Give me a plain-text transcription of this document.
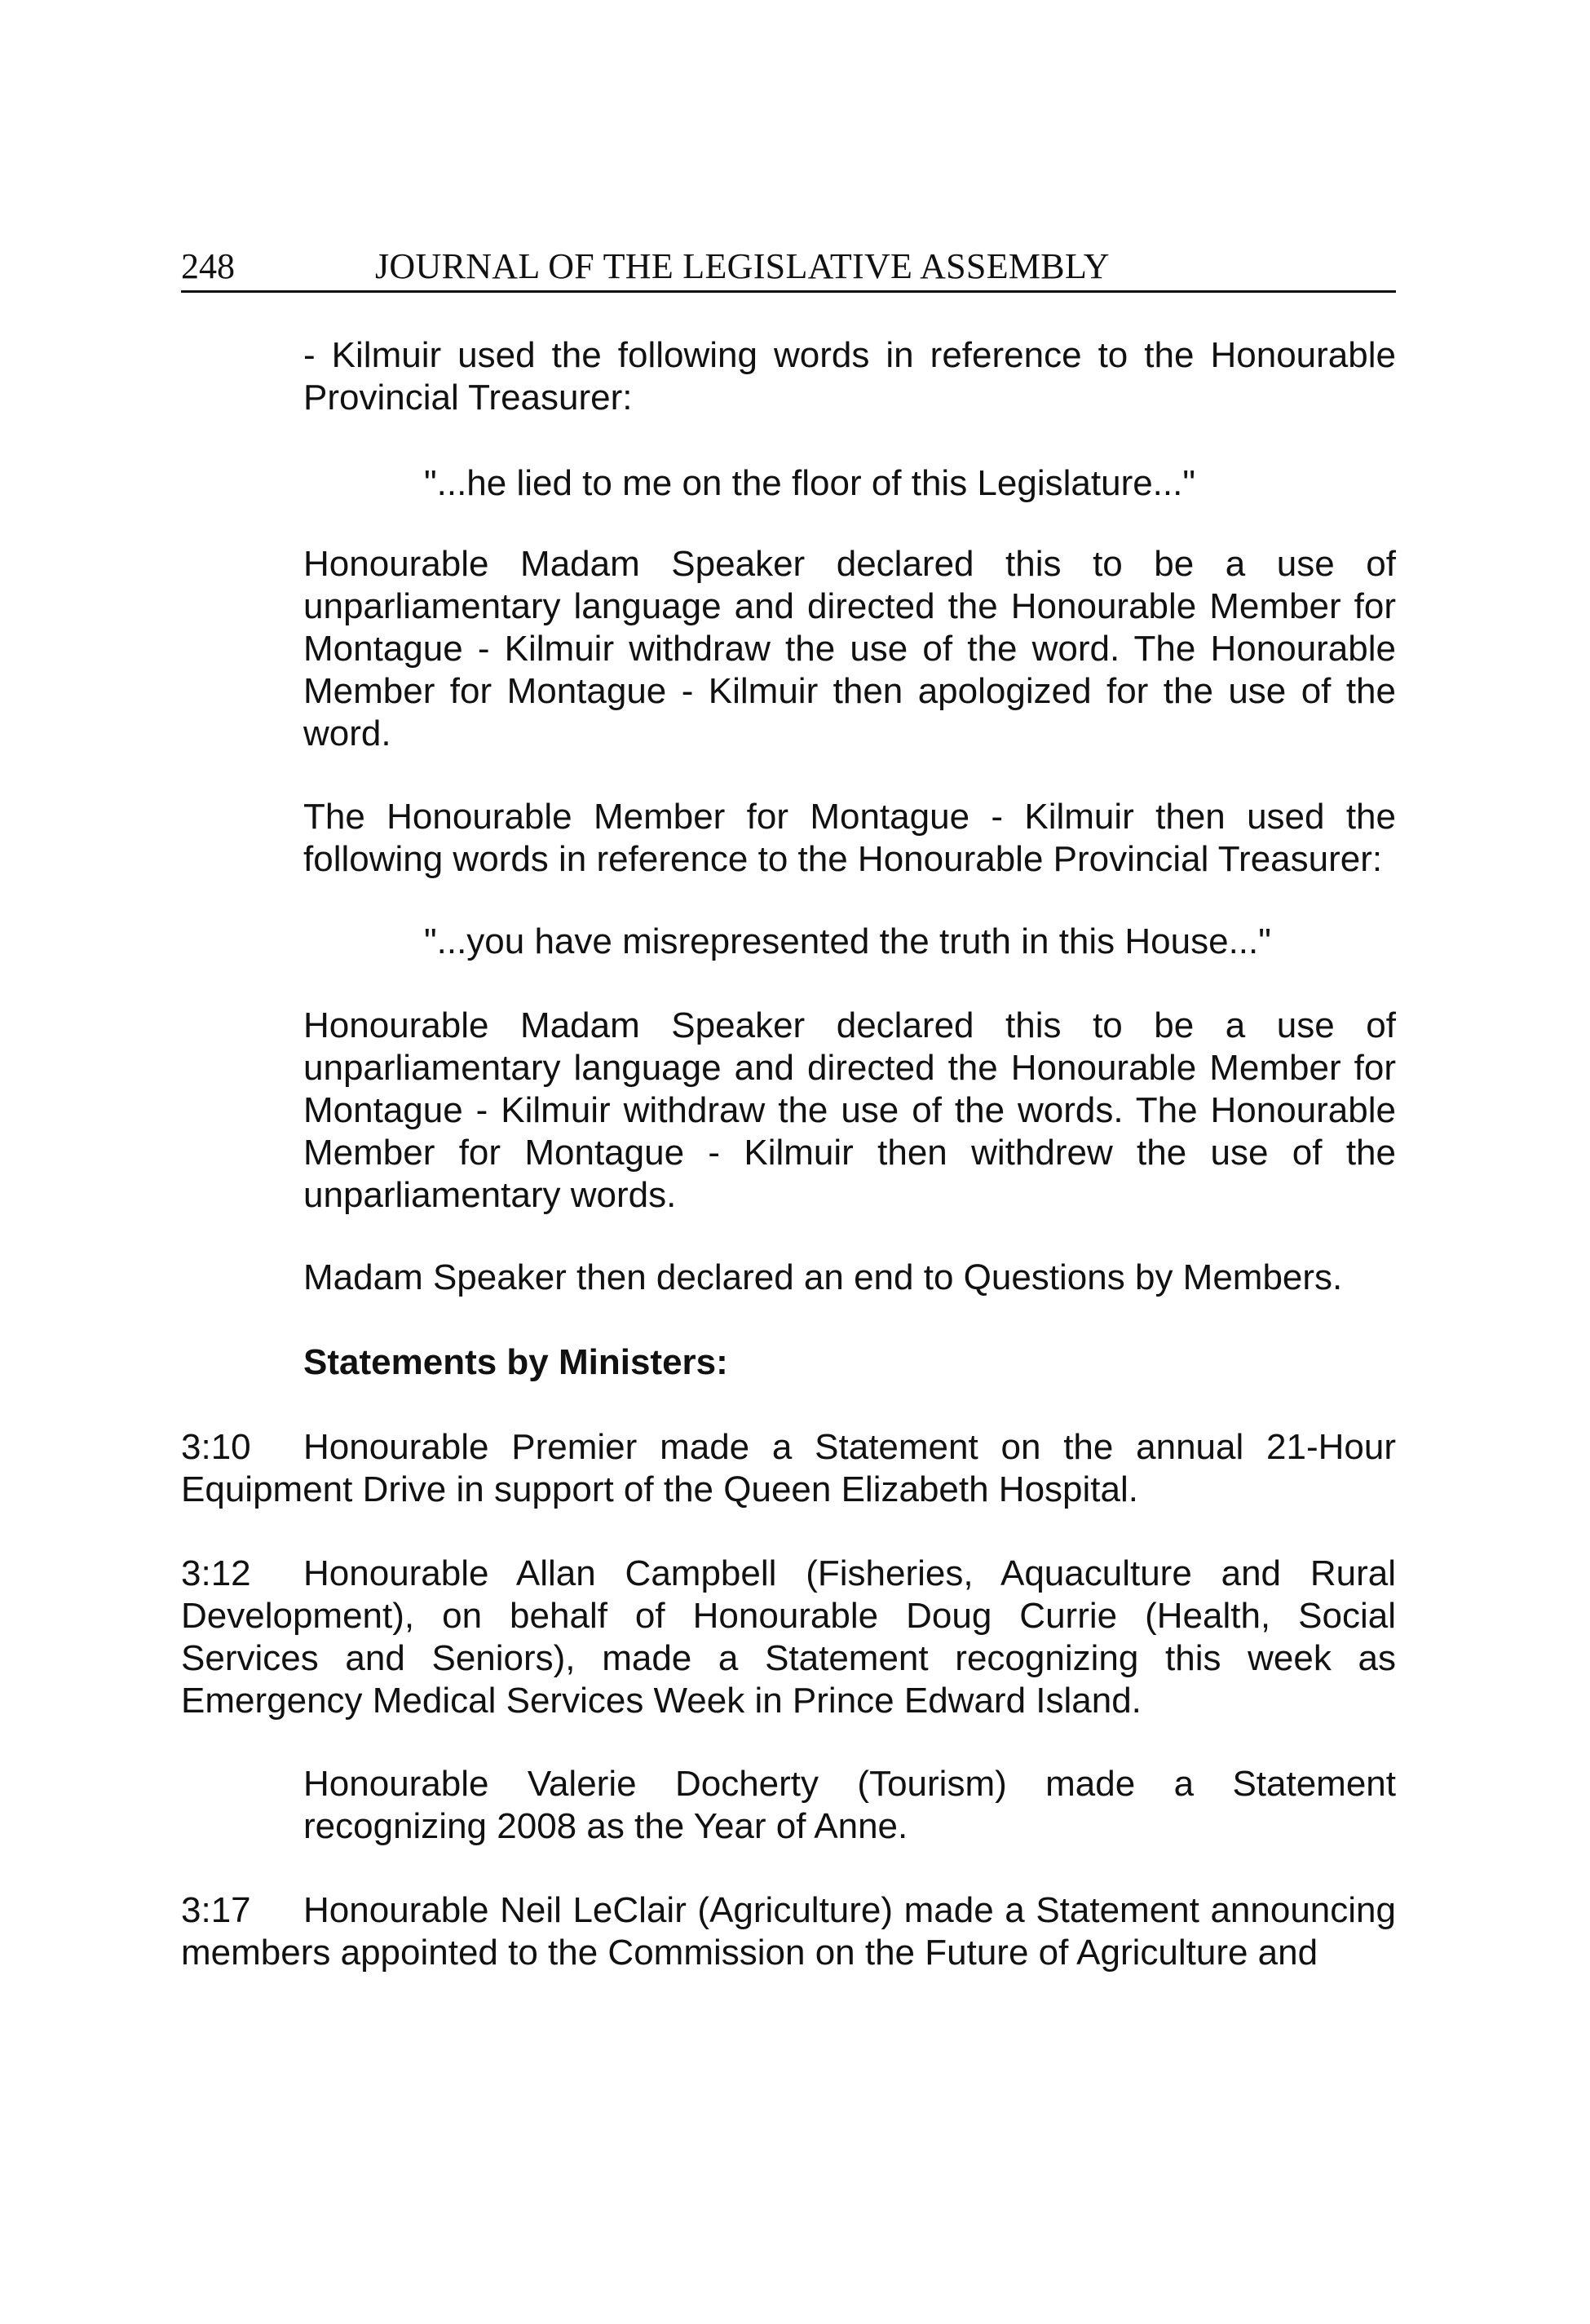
248	JOURNAL OF THE LEGISLATIVE ASSEMBLY
- Kilmuir used the following words in reference to the Honourable Provincial Treasurer:
"...he lied to me on the floor of this Legislature..."
Honourable Madam Speaker declared this to be a use of unparliamentary language and directed the Honourable Member for Montague - Kilmuir withdraw the use of the word. The Honourable Member for Montague - Kilmuir then apologized for the use of the word.
The Honourable Member for Montague - Kilmuir then used the following words in reference to the Honourable Provincial Treasurer:
"...you have misrepresented the truth in this House..."
Honourable Madam Speaker declared this to be a use of unparliamentary language and directed the Honourable Member for Montague - Kilmuir withdraw the use of the words. The Honourable Member for Montague - Kilmuir then withdrew the use of the unparliamentary words.
Madam Speaker then declared an end to Questions by Members.
Statements by Ministers:
3:10 Honourable Premier made a Statement on the annual 21-Hour Equipment Drive in support of the Queen Elizabeth Hospital.
3:12 Honourable Allan Campbell (Fisheries, Aquaculture and Rural Development), on behalf of Honourable Doug Currie (Health, Social Services and Seniors), made a Statement recognizing this week as Emergency Medical Services Week in Prince Edward Island.
Honourable Valerie Docherty (Tourism) made a Statement recognizing 2008 as the Year of Anne.
3:17 Honourable Neil LeClair (Agriculture) made a Statement announcing members appointed to the Commission on the Future of Agriculture and
